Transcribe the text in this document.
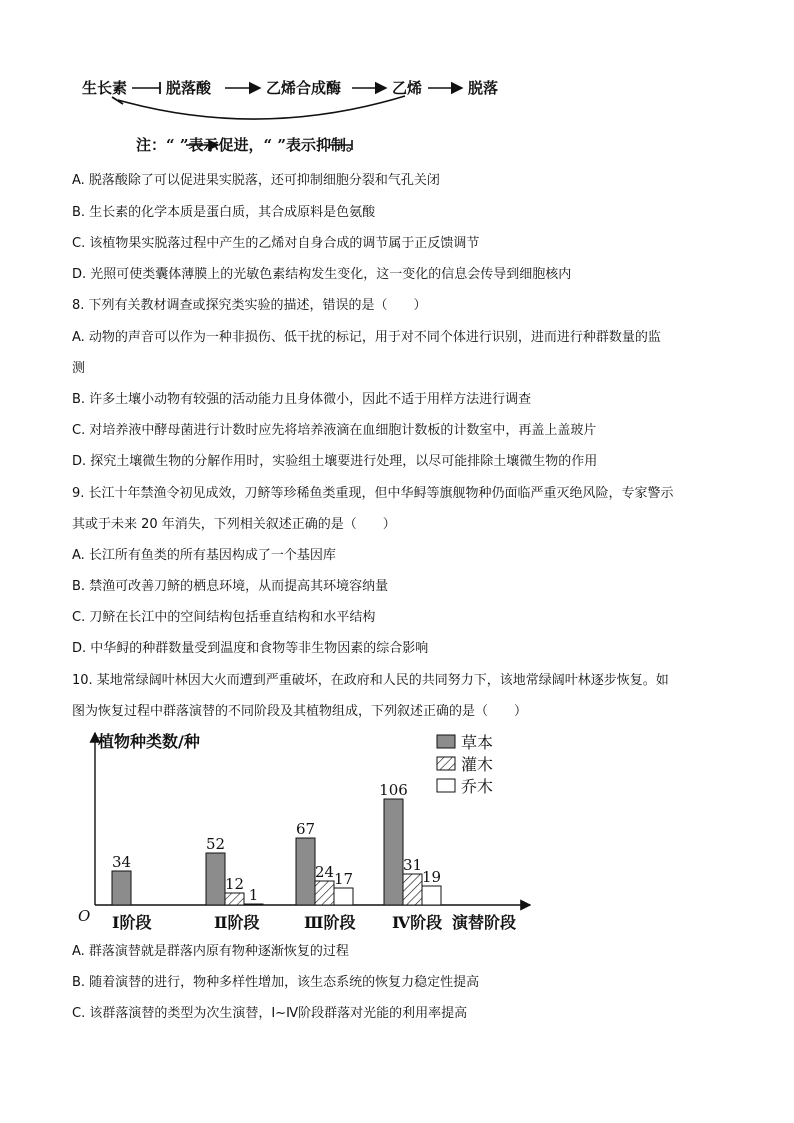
生长素	脱落酸	乙烯合成酶	乙烯	脱落
注：“ ”表示促进，“ ”表示抑制。
A. 脱落酸除了可以促进果实脱落，还可抑制细胞分裂和气孔关闭
B. 生长素的化学本质是蛋白质，其合成原料是色氨酸
C. 该植物果实脱落过程中产生的乙烯对自身合成的调节属于正反馈调节
D. 光照可使类囊体薄膜上的光敏色素结构发生变化，这一变化的信息会传导到细胞核内
8. 下列有关教材调查或探究类实验的描述，错误的是（　　）
A. 动物的声音可以作为一种非损伤、低干扰的标记，用于对不同个体进行识别，进而进行种群数量的监
测
B. 许多土壤小动物有较强的活动能力且身体微小，因此不适于用样方法进行调查
C. 对培养液中酵母菌进行计数时应先将培养液滴在血细胞计数板的计数室中，再盖上盖玻片
D. 探究土壤微生物的分解作用时，实验组土壤要进行处理，以尽可能排除土壤微生物的作用
9. 长江十年禁渔令初见成效，刀鲚等珍稀鱼类重现，但中华鲟等旗舰物种仍面临严重灭绝风险，专家警示
其或于未来 20 年消失，下列相关叙述正确的是（　　）
A. 长江所有鱼类的所有基因构成了一个基因库
B. 禁渔可改善刀鲚的栖息环境，从而提高其环境容纳量
C. 刀鲚在长江中的空间结构包括垂直结构和水平结构
D. 中华鲟的种群数量受到温度和食物等非生物因素的综合影响
10. 某地常绿阔叶林因大火而遭到严重破坏，在政府和人民的共同努力下，该地常绿阔叶林逐步恢复。如
图为恢复过程中群落演替的不同阶段及其植物组成，下列叙述正确的是（　　）
植物种类数/种
O	演替阶段
34
Ⅰ阶段
52
12
1
Ⅱ阶段
67
24 17
Ⅲ阶段
106
31
19
Ⅳ阶段
草本
灌木
乔木
A. 群落演替就是群落内原有物种逐渐恢复的过程
B. 随着演替的进行，物种多样性增加，该生态系统的恢复力稳定性提高
C. 该群落演替的类型为次生演替，I~Ⅳ阶段群落对光能的利用率提高
